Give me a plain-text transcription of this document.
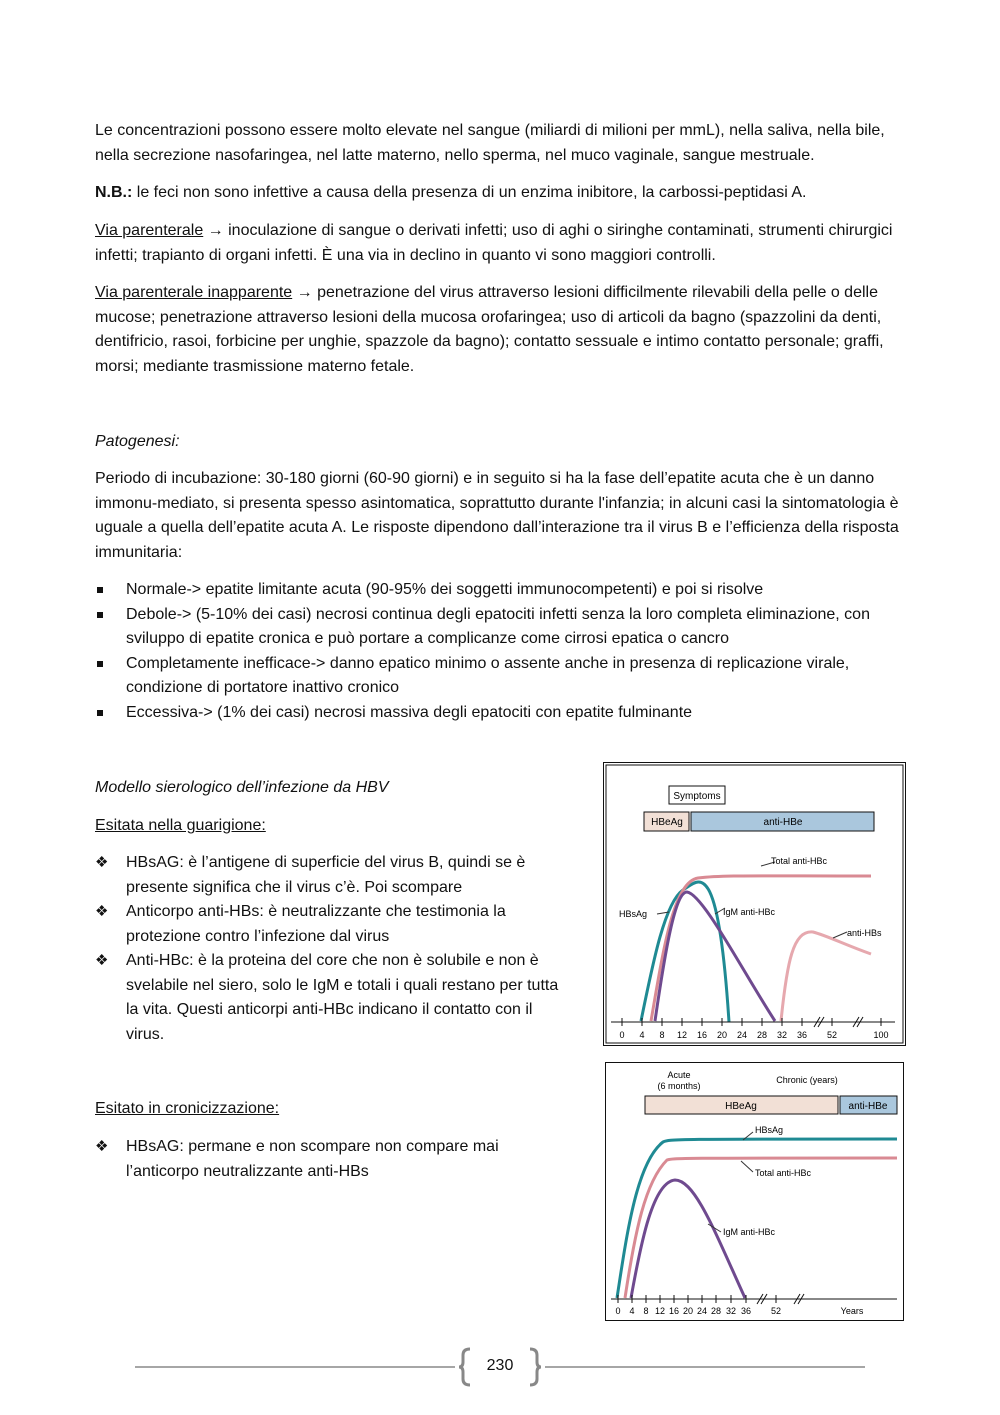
Le concentrazioni possono essere molto elevate nel sangue (miliardi di milioni per mmL), nella saliva, nella bile, nella secrezione nasofaringea, nel latte materno, nello sperma, nel muco vaginale, sangue mestruale.

N.B.: le feci non sono infettive a causa della presenza di un enzima inibitore, la carbossi-peptidasi A.

Via parenterale → inoculazione di sangue o derivati infetti; uso di aghi o siringhe contaminati, strumenti chirurgici infetti; trapianto di organi infetti. È una via in declino in quanto vi sono maggiori controlli.

Via parenterale inapparente → penetrazione del virus attraverso lesioni difficilmente rilevabili della pelle o delle mucose; penetrazione attraverso lesioni della mucosa orofaringea; uso di articoli da bagno (spazzolini da denti, dentifricio, rasoi, forbicine per unghie, spazzole da bagno); contatto sessuale e intimo contatto personale; graffi, morsi; mediante trasmissione materno fetale.

Patogenesi:

Periodo di incubazione: 30-180 giorni (60-90 giorni) e in seguito si ha la fase dell’epatite acuta che è un danno immonu-mediato, si presenta spesso asintomatica, soprattutto durante l'infanzia; in alcuni casi la sintomatologia è uguale a quella dell’epatite acuta A. Le risposte dipendono dall’interazione tra il virus B e l’efficienza della risposta immunitaria:

Normale-> epatite limitante acuta (90-95% dei soggetti immunocompetenti) e poi si risolve
Debole-> (5-10% dei casi) necrosi continua degli epatociti infetti senza la loro completa eliminazione, con sviluppo di epatite cronica e può portare a complicanze come cirrosi epatica o cancro
Completamente inefficace-> danno epatico minimo o assente anche in presenza di replicazione virale, condizione di portatore inattivo cronico
Eccessiva-> (1% dei casi) necrosi massiva degli epatociti con epatite fulminante

Modello sierologico dell’infezione da HBV

Esitata nella guarigione:

❖ HBsAG: è l’antigene di superficie del virus B, quindi se è presente significa che il virus c’è. Poi scompare
❖ Anticorpo anti-HBs: è neutralizzante che testimonia la protezione contro l’infezione dal virus
❖ Anti-HBc: è la proteina del core che non è solubile e non è svelabile nel siero, solo le IgM e totali i quali restano per tutta la vita. Questi anticorpi anti-HBc indicano il contatto con il virus.

Esitato in cronicizzazione:

❖ HBsAG: permane e non scompare non compare mai l’anticorpo neutralizzante anti-HBs
Symptoms
HBeAg	anti-HBe
Total anti-HBc
HBsAg	IgM anti-HBc
anti-HBs
0 4 8 12 16 20 24 28 32 36 52	100
Acute
(6 months)
Chronic (years)
HBeAg	anti-HBe
HBsAg
Total anti-HBc
IgM anti-HBc
0 4 8 12 16 20 24 28 32 36 52	Years
230
